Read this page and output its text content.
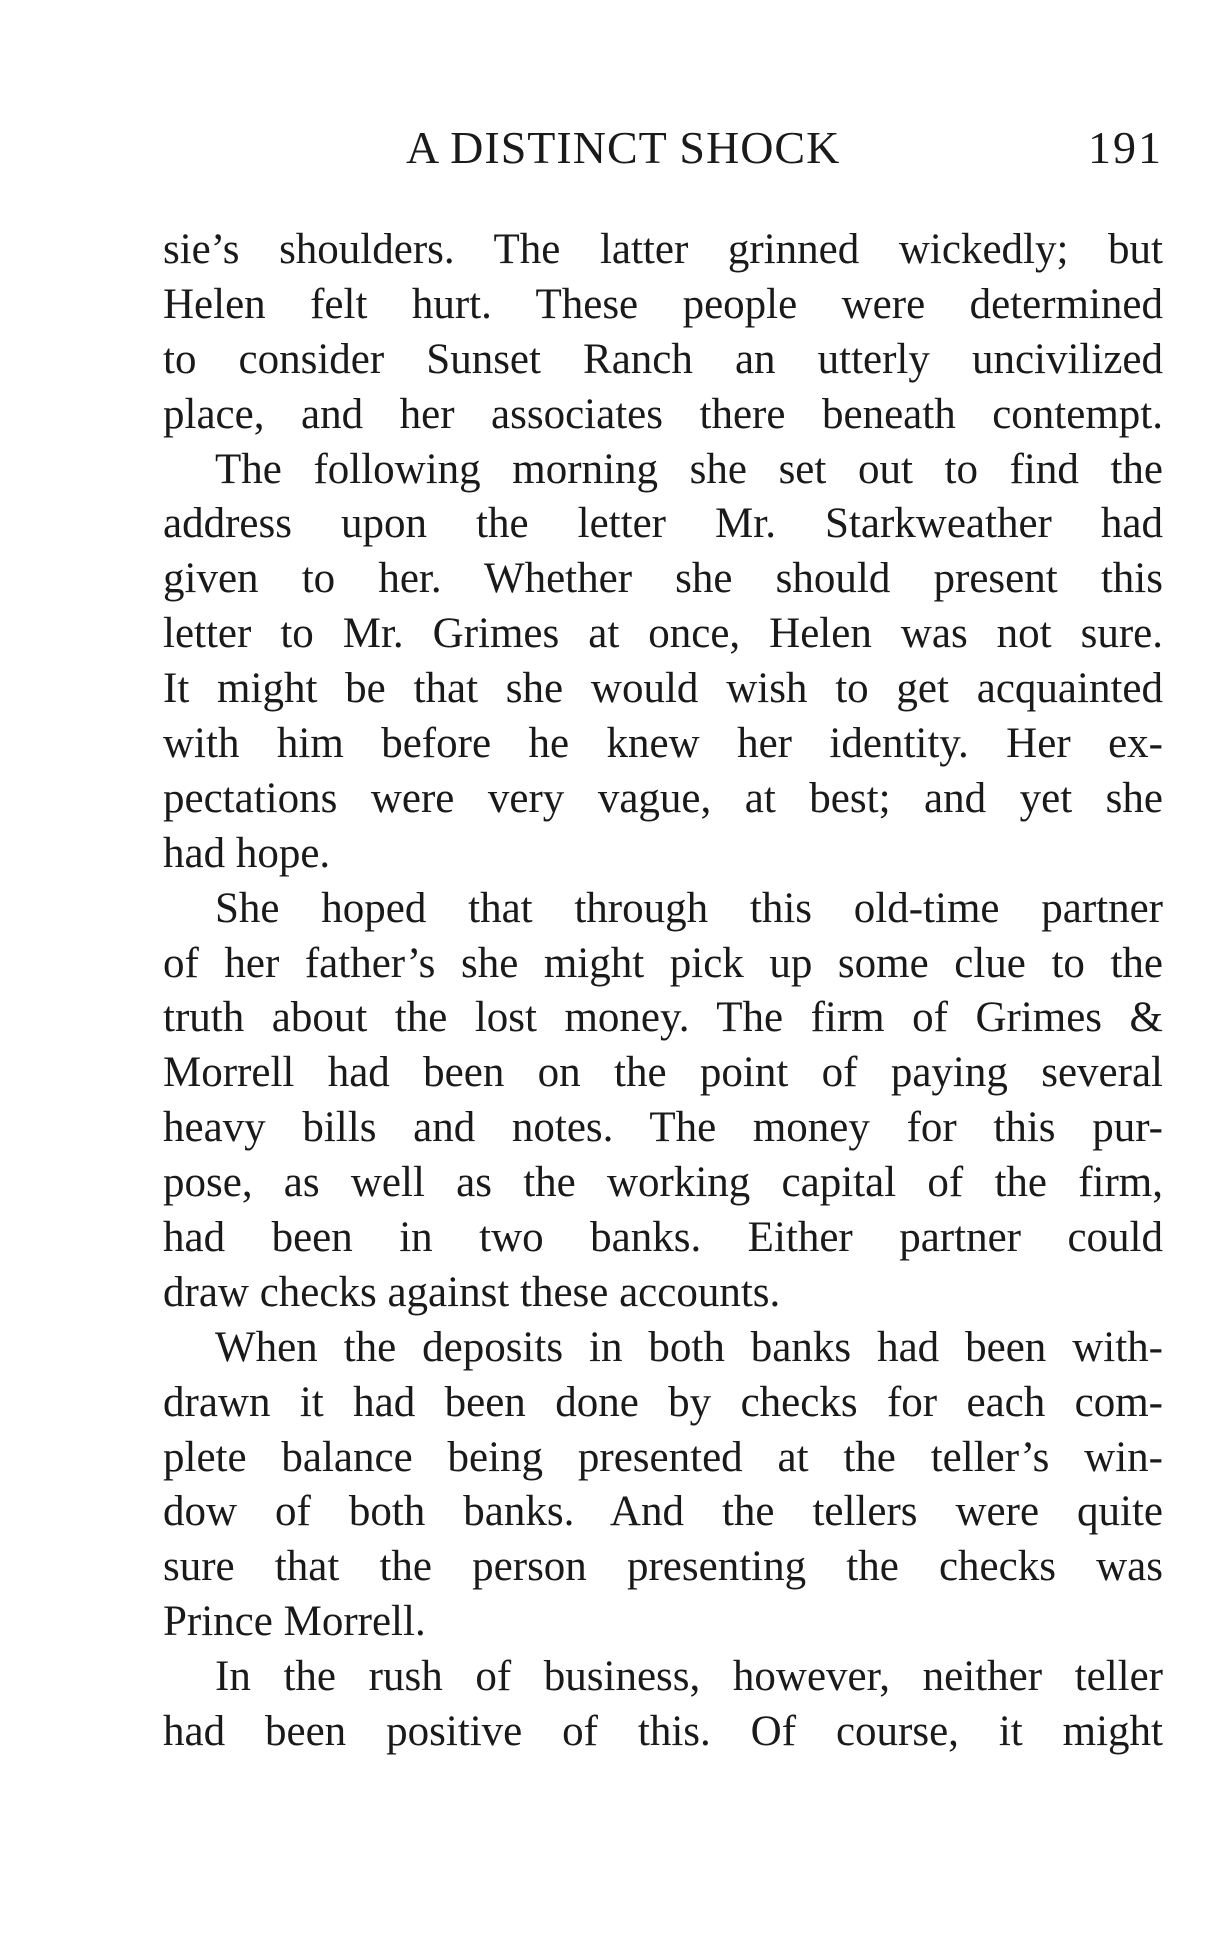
A DISTINCT SHOCK	191
sie’s shoulders. The latter grinned wickedly; but
Helen felt hurt. These people were determined
to consider Sunset Ranch an utterly uncivilized
place, and her associates there beneath contempt.
The following morning she set out to find the
address upon the letter Mr. Starkweather had
given to her. Whether she should present this
letter to Mr. Grimes at once, Helen was not sure.
It might be that she would wish to get acquainted
with him before he knew her identity. Her ex-
pectations were very vague, at best; and yet she
had hope.
She hoped that through this old-time partner
of her father’s she might pick up some clue to the
truth about the lost money. The firm of Grimes &
Morrell had been on the point of paying several
heavy bills and notes. The money for this pur-
pose, as well as the working capital of the firm,
had been in two banks. Either partner could
draw checks against these accounts.
When the deposits in both banks had been with-
drawn it had been done by checks for each com-
plete balance being presented at the teller’s win-
dow of both banks. And the tellers were quite
sure that the person presenting the checks was
Prince Morrell.
In the rush of business, however, neither teller
had been positive of this. Of course, it might
